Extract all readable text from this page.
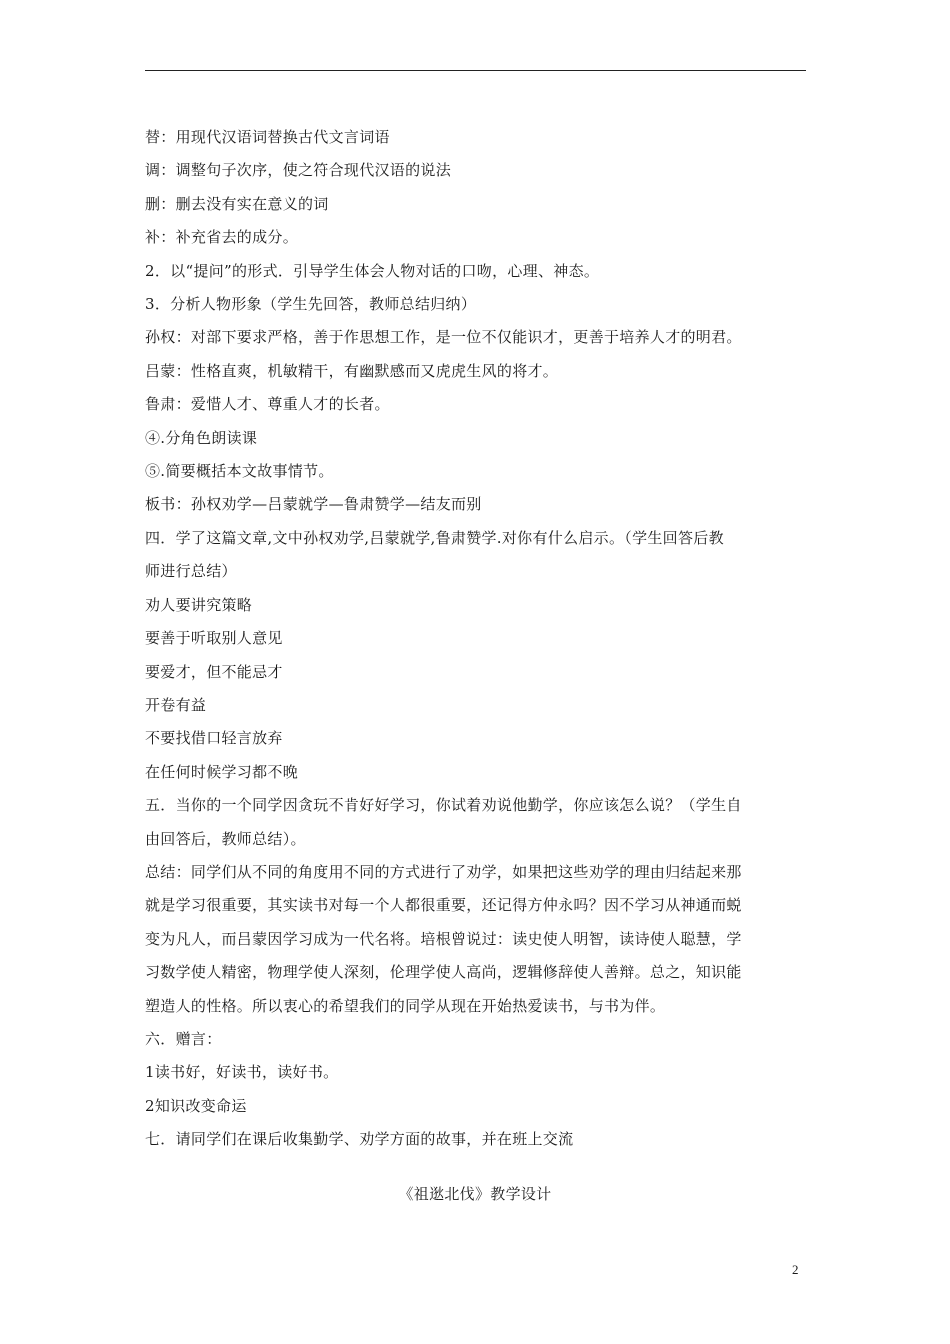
替：用现代汉语词替换古代文言词语
调：调整句子次序，使之符合现代汉语的说法
删：删去没有实在意义的词
补：补充省去的成分。
2．以“提问”的形式．引导学生体会人物对话的口吻，心理、神态。
3．分析人物形象（学生先回答，教师总结归纳）
孙权：对部下要求严格，善于作思想工作，是一位不仅能识才，更善于培养人才的明君。
吕蒙：性格直爽，机敏精干，有幽默感而又虎虎生风的将才。
鲁肃：爱惜人才、尊重人才的长者。
④.分角色朗读课
⑤.简要概括本文故事情节。
板书：孙权劝学—吕蒙就学—鲁肃赞学—结友而别
四．学了这篇文章,文中孙权劝学,吕蒙就学,鲁肃赞学.对你有什么启示。（学生回答后教
师进行总结）
劝人要讲究策略
要善于听取别人意见
要爱才，但不能忌才
开卷有益
不要找借口轻言放弃
在任何时候学习都不晚
五．当你的一个同学因贪玩不肯好好学习，你试着劝说他勤学，你应该怎么说？（学生自
由回答后，教师总结）。
总结：同学们从不同的角度用不同的方式进行了劝学，如果把这些劝学的理由归结起来那
就是学习很重要，其实读书对每一个人都很重要，还记得方仲永吗？因不学习从神通而蜕
变为凡人，而吕蒙因学习成为一代名将。培根曾说过：读史使人明智，读诗使人聪慧，学
习数学使人精密，物理学使人深刻，伦理学使人高尚，逻辑修辞使人善辩。总之，知识能
塑造人的性格。所以衷心的希望我们的同学从现在开始热爱读书，与书为伴。
六．赠言：
1读书好，好读书，读好书。
2知识改变命运
七．请同学们在课后收集勤学、劝学方面的故事，并在班上交流
《祖逖北伐》教学设计
2
